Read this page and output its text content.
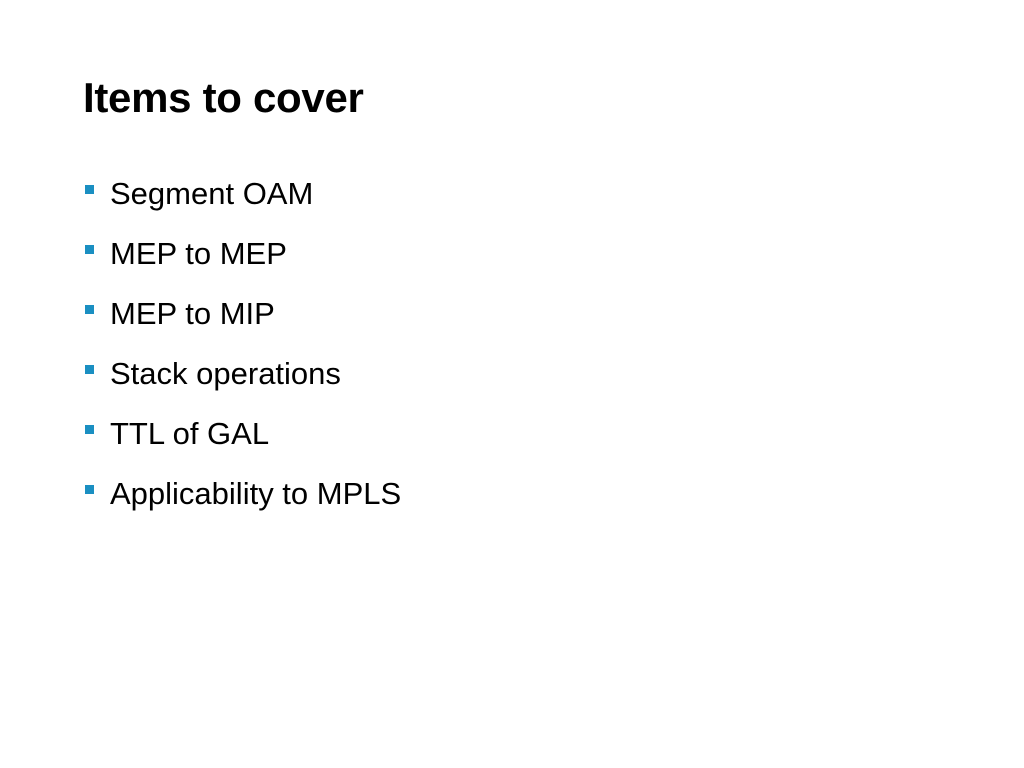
Items to cover
Segment OAM
MEP to MEP
MEP to MIP
Stack operations
TTL of GAL
Applicability to MPLS
